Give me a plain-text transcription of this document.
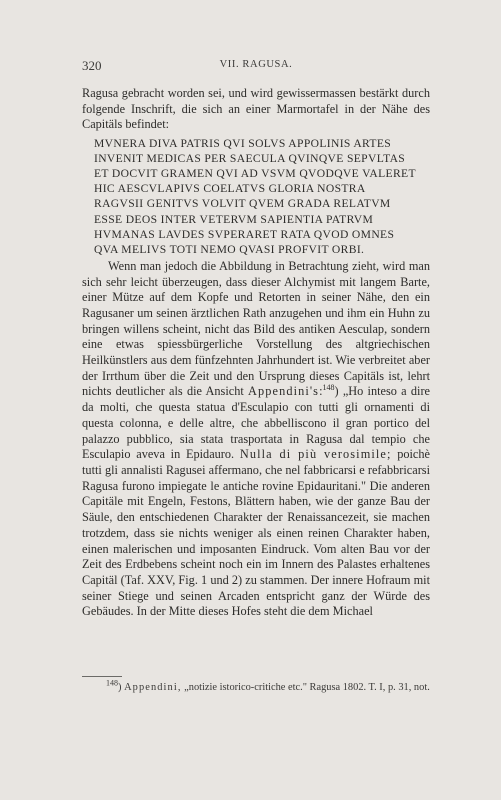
320	VII. RAGUSA.

Ragusa gebracht worden sei, und wird gewissermassen bestärkt durch folgende Inschrift, die sich an einer Marmortafel in der Nähe des Capitäls befindet:

MVNERA DIVA PATRIS QVI SOLVS APPOLINIS ARTES
INVENIT MEDICAS PER SAECULA QVINQVE SEPVLTAS
ET DOCVIT GRAMEN QVI AD VSVM QVODQVE VALERET
HIC AESCVLAPIVS COELATVS GLORIA NOSTRA
RAGVSII GENITVS VOLVIT QVEM GRADA RELATVM
ESSE DEOS INTER VETERVM SAPIENTIA PATRVM
HVMANAS LAVDES SVPERARET RATA QVOD OMNES
QVA MELIVS TOTI NEMO QVASI PROFVIT ORBI.

Wenn man jedoch die Abbildung in Betrachtung zieht, wird man sich sehr leicht überzeugen, dass dieser Alchymist mit langem Barte, einer Mütze auf dem Kopfe und Retorten in seiner Nähe, den ein Ragusaner um seinen ärztlichen Rath anzugehen und ihm ein Huhn zu bringen willens scheint, nicht das Bild des antiken Aesculap, sondern eine etwas spiessbürgerliche Vorstellung des altgriechischen Heilkünstlers aus dem fünfzehnten Jahrhundert ist. Wie verbreitet aber der Irrthum über die Zeit und den Ursprung dieses Capitäls ist, lehrt nichts deutlicher als die Ansicht Appendini's:$^{148}$) „Ho inteso a dire da molti, che questa statua d'Esculapio con tutti gli ornamenti di questa colonna, e delle altre, che abbelliscono il gran portico del palazzo pubblico, sia stata trasportata in Ragusa dal tempio che Esculapio aveva in Epidauro. Nulla di più verosimile; poichè tutti gli annalisti Ragusei affermano, che nel fabbricarsi e refabbricarsi Ragusa furono impiegate le antiche rovine Epidauritani." Die anderen Capitäle mit Engeln, Festons, Blättern haben, wie der ganze Bau der Säule, den entschiedenen Charakter der Renaissancezeit, sie machen trotzdem, dass sie nichts weniger als einen reinen Charakter haben, einen malerischen und imposanten Eindruck. Vom alten Bau vor der Zeit des Erdbebens scheint noch ein im Innern des Palastes erhaltenes Capitäl (Taf. XXV, Fig. 1 und 2) zu stammen. Der innere Hofraum mit seiner Stiege und seinen Arcaden entspricht ganz der Würde des Gebäudes. In der Mitte dieses Hofes steht die dem Michael

$^{148}$) Appendini, „notizie istorico-critiche etc." Ragusa 1802. T. I, p. 31, not.
